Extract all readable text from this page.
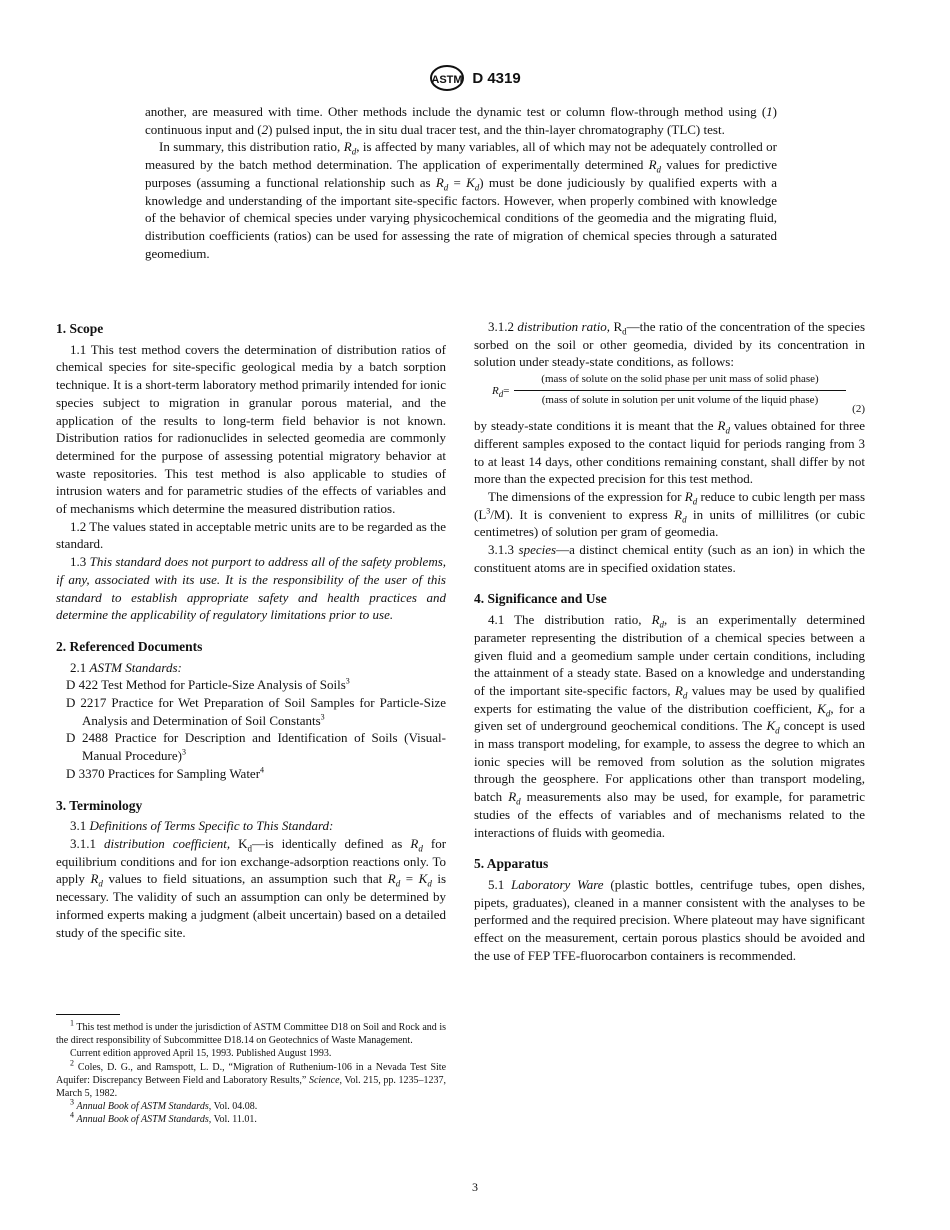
ASTM D 4319

another, are measured with time. Other methods include the dynamic test or column flow-through method using (1) continuous input and (2) pulsed input, the in situ dual tracer test, and the thin-layer chromatography (TLC) test.

In summary, this distribution ratio, $R_d$, is affected by many variables, all of which may not be adequately controlled or measured by the batch method determination. The application of experimentally determined $R_d$ values for predictive purposes (assuming a functional relationship such as $R_d = K_d$) must be done judiciously by qualified experts with a knowledge and understanding of the important site-specific factors. However, when properly combined with knowledge of the behavior of chemical species under varying physicochemical conditions of the geomedia and the migrating fluid, distribution coefficients (ratios) can be used for assessing the rate of migration of chemical species through a saturated geomedium.

1. Scope

1.1 This test method covers the determination of distribution ratios of chemical species for site-specific geological media by a batch sorption technique. It is a short-term laboratory method primarily intended for ionic species subject to migration in granular porous material, and the application of the results to long-term field behavior is not known. Distribution ratios for radionuclides in selected geomedia are commonly determined for the purpose of assessing potential migratory behavior at waste repositories. This test method is also applicable to studies of intrusion waters and for parametric studies of the effects of variables and of mechanisms which determine the measured distribution ratios.

1.2 The values stated in acceptable metric units are to be regarded as the standard.

1.3 This standard does not purport to address all of the safety problems, if any, associated with its use. It is the responsibility of the user of this standard to establish appropriate safety and health practices and determine the applicability of regulatory limitations prior to use.

2. Referenced Documents

2.1 ASTM Standards:

D 422 Test Method for Particle-Size Analysis of Soils$^3$

D 2217 Practice for Wet Preparation of Soil Samples for Particle-Size Analysis and Determination of Soil Constants$^3$

D 2488 Practice for Description and Identification of Soils (Visual-Manual Procedure)$^3$

D 3370 Practices for Sampling Water$^4$

3. Terminology

3.1 Definitions of Terms Specific to This Standard:

3.1.1 distribution coefficient, $K_d—is$ identically defined as $R_d$ for equilibrium conditions and for ion exchange-adsorption reactions only. To apply $R_d$ values to field situations, an assumption such that $R_d = K_d$ is necessary. The validity of such an assumption can only be determined by informed experts making a judgment (albeit uncertain) based on a detailed study of the specific site.

3.1.2 distribution ratio, $R_d—the$ ratio of the concentration of the species sorbed on the soil or other geomedia, divided by its concentration in solution under steady-state conditions, as follows:

$R_d=$
(mass of solute on the solid phase per unit mass of solid phase)
(mass of solute in solution per unit volume of the liquid phase)
(2)

by steady-state conditions it is meant that the $R_d$ values obtained for three different samples exposed to the contact liquid for periods ranging from 3 to at least 14 days, other conditions remaining constant, shall differ by not more than the expected precision for this test method.

The dimensions of the expression for $R_d$ reduce to cubic length per mass $(L^3/M)$. It is convenient to express $R_d$ in units of millilitres (or cubic centimetres) of solution per gram of geomedia.

3.1.3 species—a distinct chemical entity (such as an ion) in which the constituent atoms are in specified oxidation states.

4. Significance and Use

4.1 The distribution ratio, $R_d$, is an experimentally determined parameter representing the distribution of a chemical species between a given fluid and a geomedium sample under certain conditions, including the attainment of a steady state. Based on a knowledge and understanding of the important site-specific factors, $R_d$ values may be used by qualified experts for estimating the value of the distribution coefficient, $K_d$, for a given set of underground geochemical conditions. The $K_d$ concept is used in mass transport modeling, for example, to assess the degree to which an ionic species will be removed from solution as the solution migrates through the geosphere. For applications other than transport modeling, batch $R_d$ measurements also may be used, for example, for parametric studies of the effects of variables and of mechanisms related to the interactions of fluids with geomedia.

5. Apparatus

5.1 Laboratory Ware (plastic bottles, centrifuge tubes, open dishes, pipets, graduates), cleaned in a manner consistent with the analyses to be performed and the required precision. Where plateout may have significant effect on the measurement, certain porous plastics should be avoided and the use of FEP TFE-fluorocarbon containers is recommended.

$^1$ This test method is under the jurisdiction of ASTM Committee D18 on Soil and Rock and is the direct responsibility of Subcommittee D18.14 on Geotechnics of Waste Management.

Current edition approved April 15, 1993. Published August 1993.

$^2$ Coles, D. G., and Ramspott, L. D., “Migration of Ruthenium-106 in a Nevada Test Site Aquifer: Discrepancy Between Field and Laboratory Results,” Science, Vol. 215, pp. 1235–1237, March 5, 1982.

$^3$ Annual Book of ASTM Standards, Vol. 04.08.

$^4$ Annual Book of ASTM Standards, Vol. 11.01.

3
